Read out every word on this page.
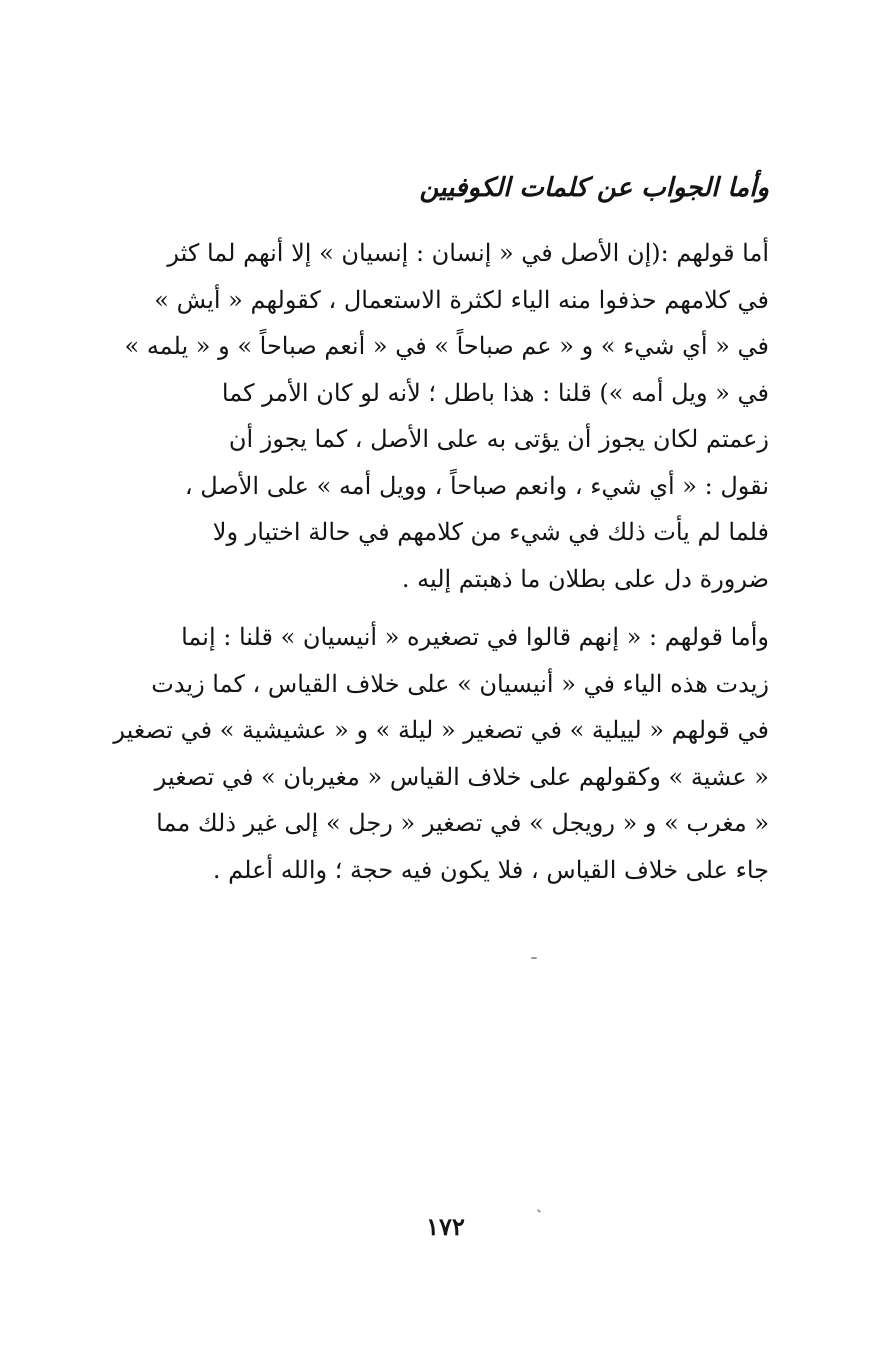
وأما الجواب عن كلمات الكوفيين
أما قولهم :(إن الأصل في « إنسان : إنسيان » إلا أنهم لما كثر
في كلامهم حذفوا منه الياء لكثرة الاستعمال ، كقولهم « أيش »
في « أي شيء » و « عم صباحاً » في « أنعم صباحاً » و « يلمه »
في « ويل أمه ») قلنا : هذا باطل ؛ لأنه لو كان الأمر كما
زعمتم لكان يجوز أن يؤتى به على الأصل ، كما يجوز أن
نقول : « أي شيء ، وانعم صباحاً ، وويل أمه » على الأصل ،
فلما لم يأت ذلك في شيء من كلامهم في حالة اختيار ولا
ضرورة دل على بطلان ما ذهبتم إليه .
وأما قولهم : « إنهم قالوا في تصغيره « أنيسيان » قلنا : إنما
زيدت هذه الياء في « أنيسيان » على خلاف القياس ، كما زيدت
في قولهم « لييلية » في تصغير « ليلة » و « عشيشية » في تصغير
« عشية » وكقولهم على خلاف القياس « مغيربان » في تصغير
« مغرب » و « رويجل » في تصغير « رجل » إلى غير ذلك مما
جاء على خلاف القياس ، فلا يكون فيه حجة ؛ والله أعلم .
١٧٢
